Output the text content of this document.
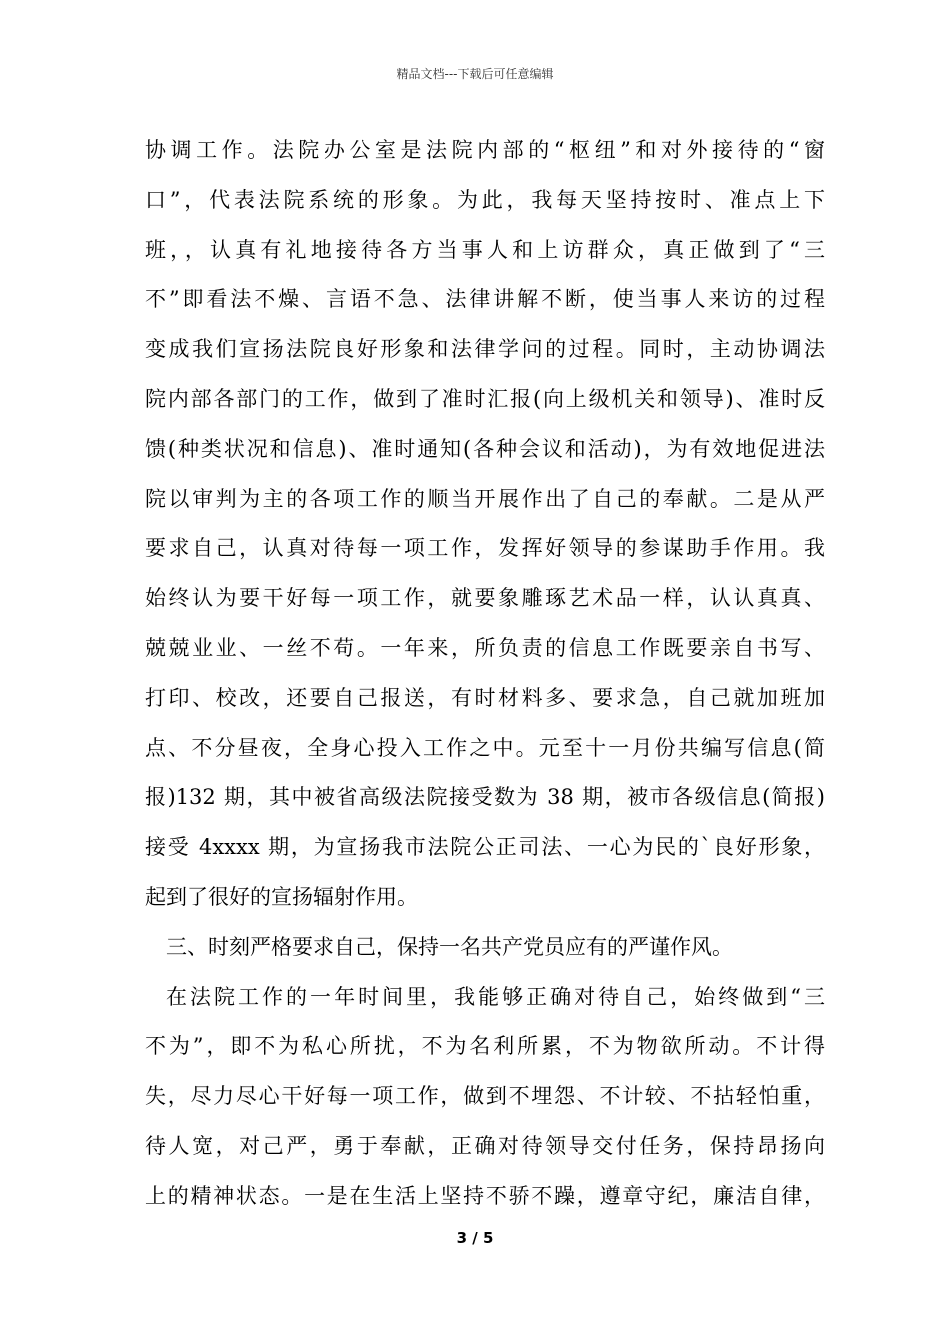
精品文档---下载后可任意编辑
协调工作。法院办公室是法院内部的“枢纽”和对外接待的“窗
口”，代表法院系统的形象。为此，我每天坚持按时、准点上下
班，，认真有礼地接待各方当事人和上访群众，真正做到了“三
不”即看法不燥、言语不急、法律讲解不断，使当事人来访的过程
变成我们宣扬法院良好形象和法律学问的过程。同时，主动协调法
院内部各部门的工作，做到了准时汇报(向上级机关和领导)、准时反
馈(种类状况和信息)、准时通知(各种会议和活动)，为有效地促进法
院以审判为主的各项工作的顺当开展作出了自己的奉献。二是从严
要求自己，认真对待每一项工作，发挥好领导的参谋助手作用。我
始终认为要干好每一项工作，就要象雕琢艺术品一样，认认真真、
兢兢业业、一丝不苟。一年来，所负责的信息工作既要亲自书写、
打印、校改，还要自己报送，有时材料多、要求急，自己就加班加
点、不分昼夜，全身心投入工作之中。元至十一月份共编写信息(简
报)132 期，其中被省高级法院接受数为 38 期，被市各级信息(简报)
接受 4xxxx 期，为宣扬我市法院公正司法、一心为民的`良好形象，
起到了很好的宣扬辐射作用。
三、时刻严格要求自己，保持一名共产党员应有的严谨作风。
在法院工作的一年时间里，我能够正确对待自己，始终做到“三
不为”，即不为私心所扰，不为名利所累，不为物欲所动。不计得
失，尽力尽心干好每一项工作，做到不埋怨、不计较、不拈轻怕重，
待人宽，对己严，勇于奉献，正确对待领导交付任务，保持昂扬向
上的精神状态。一是在生活上坚持不骄不躁，遵章守纪，廉洁自律，
3 / 5
